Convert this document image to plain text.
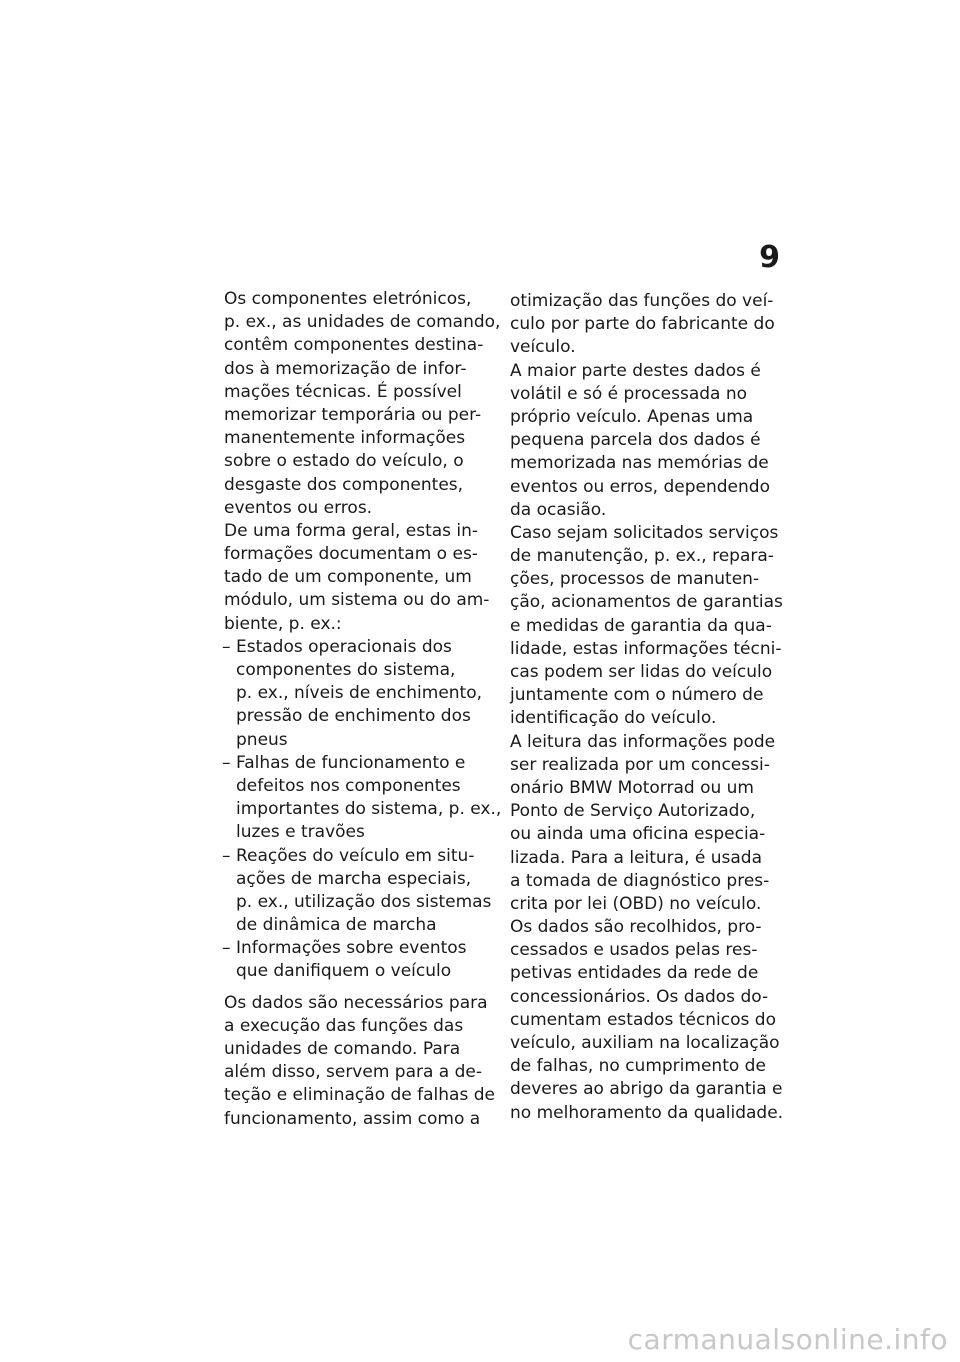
9
Os componentes eletrónicos,
p. ex., as unidades de comando,
contêm componentes destina-
dos à memorização de infor-
mações técnicas. É possível
memorizar temporária ou per-
manentemente informações
sobre o estado do veículo, o
desgaste dos componentes,
eventos ou erros.
De uma forma geral, estas in-
formações documentam o es-
tado de um componente, um
módulo, um sistema ou do am-
biente, p. ex.:
– Estados operacionais dos
componentes do sistema,
p. ex., níveis de enchimento,
pressão de enchimento dos
pneus
– Falhas de funcionamento e
defeitos nos componentes
importantes do sistema, p. ex.,
luzes e travões
– Reações do veículo em situ-
ações de marcha especiais,
p. ex., utilização dos sistemas
de dinâmica de marcha
– Informações sobre eventos
que danifiquem o veículo
Os dados são necessários para
a execução das funções das
unidades de comando. Para
além disso, servem para a de-
teção e eliminação de falhas de
funcionamento, assim como a
otimização das funções do veí-
culo por parte do fabricante do
veículo.
A maior parte destes dados é
volátil e só é processada no
próprio veículo. Apenas uma
pequena parcela dos dados é
memorizada nas memórias de
eventos ou erros, dependendo
da ocasião.
Caso sejam solicitados serviços
de manutenção, p. ex., repara-
ções, processos de manuten-
ção, acionamentos de garantias
e medidas de garantia da qua-
lidade, estas informações técni-
cas podem ser lidas do veículo
juntamente com o número de
identificação do veículo.
A leitura das informações pode
ser realizada por um concessi-
onário BMW Motorrad ou um
Ponto de Serviço Autorizado,
ou ainda uma oficina especia-
lizada. Para a leitura, é usada
a tomada de diagnóstico pres-
crita por lei (OBD) no veículo.
Os dados são recolhidos, pro-
cessados e usados pelas res-
petivas entidades da rede de
concessionários. Os dados do-
cumentam estados técnicos do
veículo, auxiliam na localização
de falhas, no cumprimento de
deveres ao abrigo da garantia e
no melhoramento da qualidade.
carmanualsonline.info
